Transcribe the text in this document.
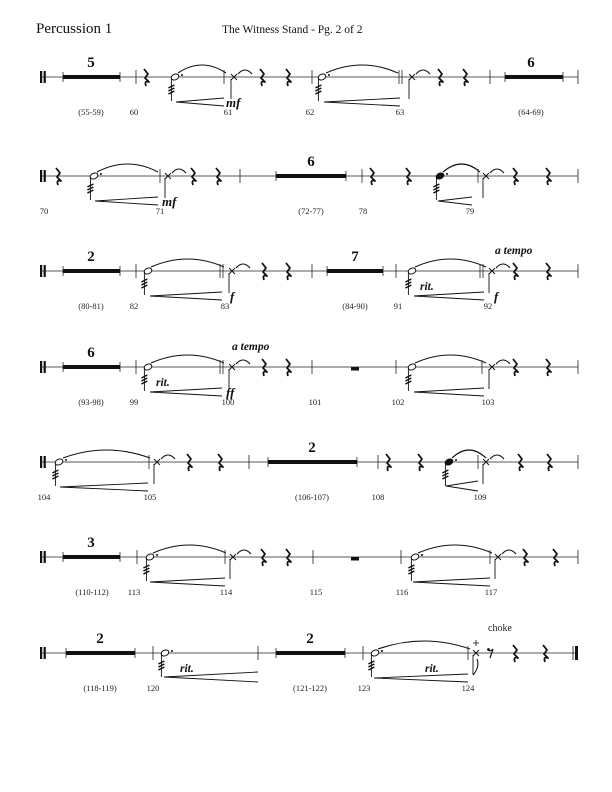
Percussion 1	The Witness Stand - Pg. 2 of 2
5	6
mf
(55-59)	60	61	62	63	(64-69)
6
mf
70	71	(72-77)	78	79
2	7
f
rit.
f
a tempo
(80-81)	82	83	(84-90)	91	92
6
rit.
ff
a tempo
(93-98)	99	100	101	102	103
2
104	105	(106-107)	108	109
3
(110-112) 113	114	115	116	117
2	2
rit.	rit.
choke
(118-119)	120	(121-122)	123	124
